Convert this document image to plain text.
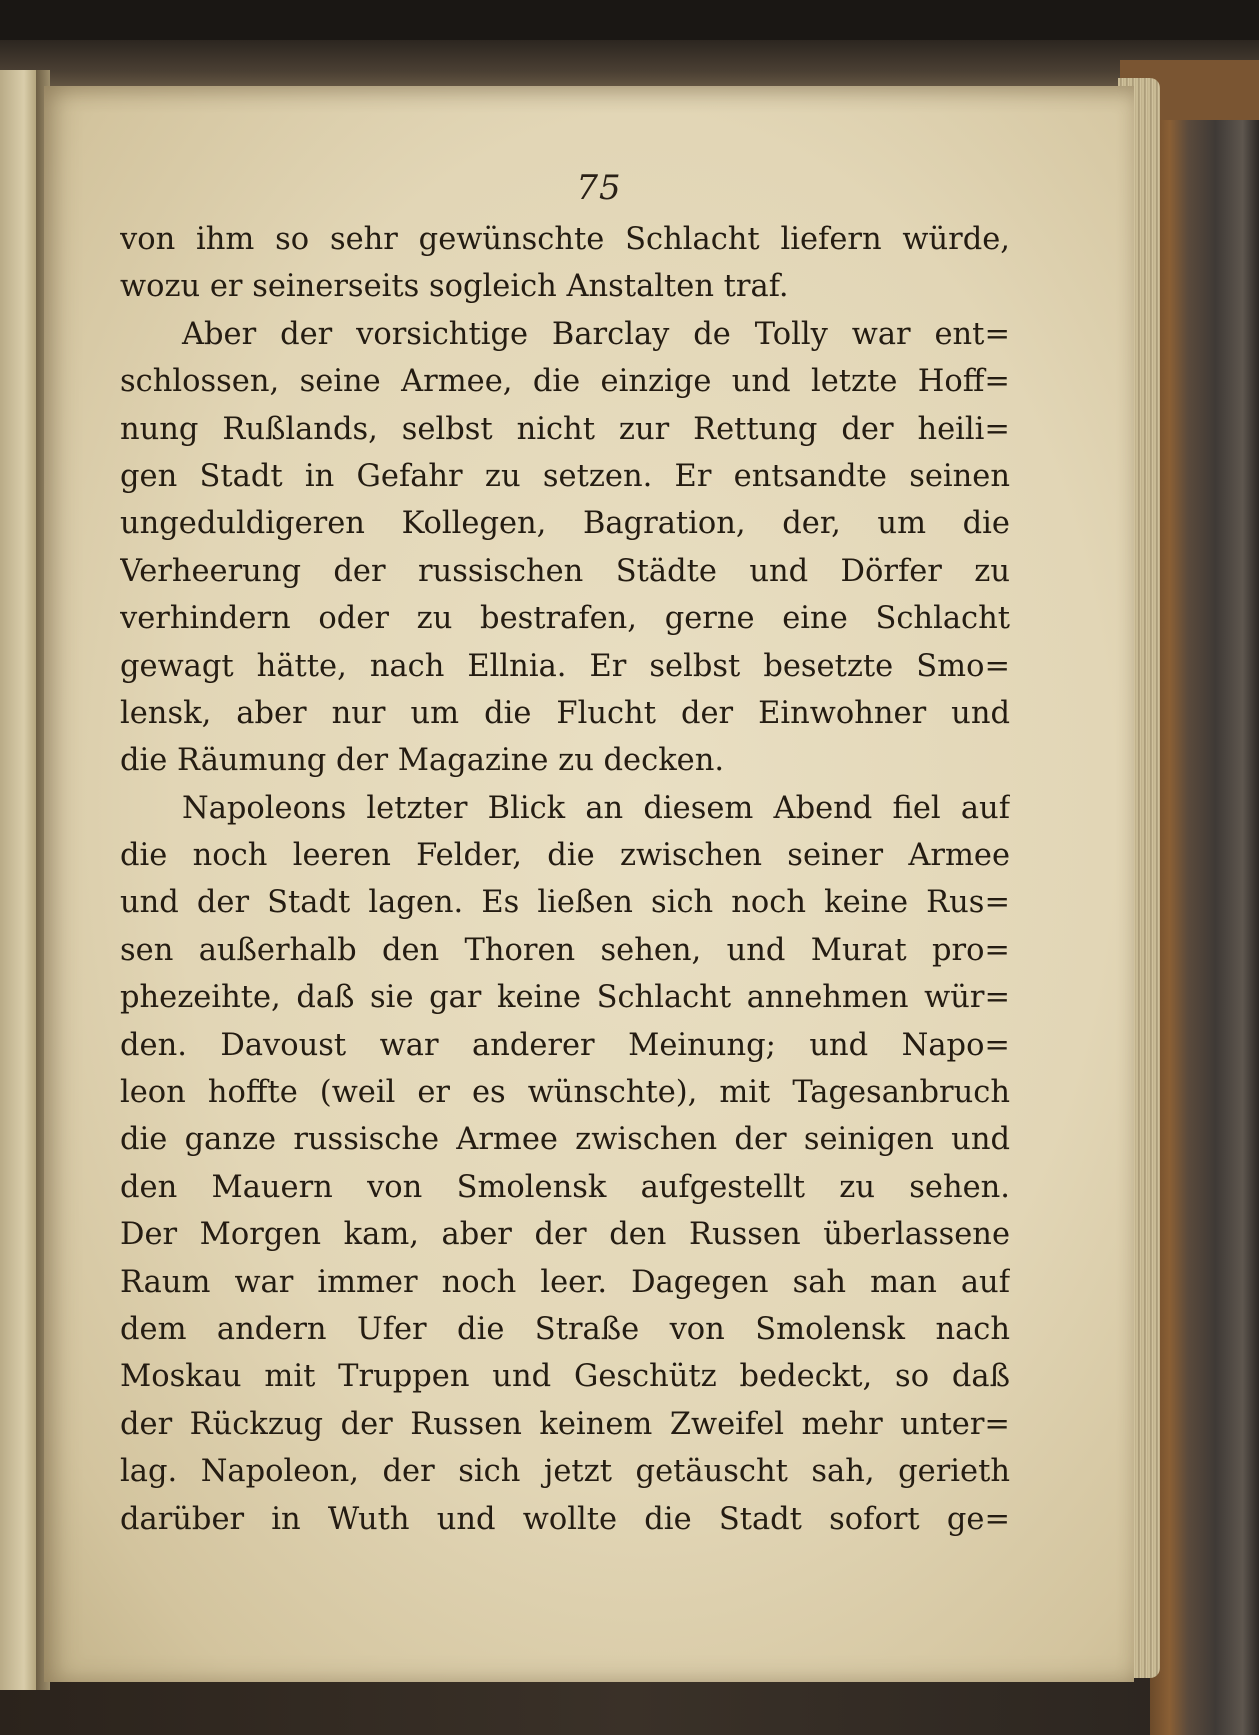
75
von ihm so sehr gewünschte Schlacht liefern würde,
wozu er seinerseits sogleich Anstalten traf.
Aber der vorsichtige Barclay de Tolly war ent=
schlossen, seine Armee, die einzige und letzte Hoff=
nung Rußlands, selbst nicht zur Rettung der heili=
gen Stadt in Gefahr zu setzen. Er entsandte seinen
ungeduldigeren Kollegen, Bagration, der, um die
Verheerung der russischen Städte und Dörfer zu
verhindern oder zu bestrafen, gerne eine Schlacht
gewagt hätte, nach Ellnia. Er selbst besetzte Smo=
lensk, aber nur um die Flucht der Einwohner und
die Räumung der Magazine zu decken.
Napoleons letzter Blick an diesem Abend fiel auf
die noch leeren Felder, die zwischen seiner Armee
und der Stadt lagen. Es ließen sich noch keine Rus=
sen außerhalb den Thoren sehen, und Murat pro=
phezeihte, daß sie gar keine Schlacht annehmen wür=
den. Davoust war anderer Meinung; und Napo=
leon hoffte (weil er es wünschte), mit Tagesanbruch
die ganze russische Armee zwischen der seinigen und
den Mauern von Smolensk aufgestellt zu sehen.
Der Morgen kam, aber der den Russen überlassene
Raum war immer noch leer. Dagegen sah man auf
dem andern Ufer die Straße von Smolensk nach
Moskau mit Truppen und Geschütz bedeckt, so daß
der Rückzug der Russen keinem Zweifel mehr unter=
lag. Napoleon, der sich jetzt getäuscht sah, gerieth
darüber in Wuth und wollte die Stadt sofort ge=
